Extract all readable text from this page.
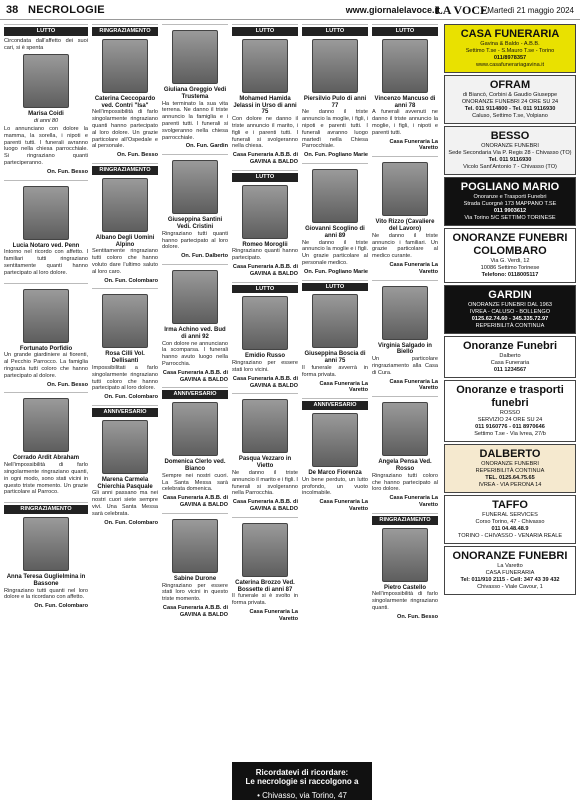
38 NECROLOGIE	www.giornalelavoce.it
LA VOCE
• Martedì 21 maggio 2024
LUTTO

Circondata dall'affetto dei suoi cari, si è spenta

Marisa Coidi
di anni 80

Lo annunciano con dolore la mamma, la sorella, i nipoti e parenti tutti. I funerali avranno luogo nella chiesa parrocchiale. Si ringraziano quanti parteciperanno.

On. Fun. Besso
Lucia Notaro ved. Penn

Intorno nel ricordo con affetto. I familiari tutti ringraziano sentitamente quanti hanno partecipato al loro dolore.

Fortunato Porfidio

Un grande giardiniere ai fiorenti, al Pecchio Parrocco. La famiglia ringrazia tutti coloro che hanno partecipato al dolore.

On. Fun. Besso
Corrado Ardit Abraham

Nell'impossibilità di farlo singolarmente ringraziano quanti, in ogni modo, sono stati vicini in questo triste momento. Un grazie particolare al Parroco.

RINGRAZIAMENTO
Anna Teresa Guglielmina in Bassone

Ringraziano tutti quanti nel loro dolore e la ricordano con affetto.

On. Fun. Colombaro
RINGRAZIAMENTO
Caterina Ceccopardo ved. Contri "Isa"

Nell'impossibilità di farlo singolarmente ringraziano quanti hanno partecipato al loro dolore. Un grazie particolare all'Ospedale e al personale.

On. Fun. Besso
RINGRAZIAMENTO
Albano Degli Uomini Alpino

Sentitamente ringraziano tutti coloro che hanno voluto dare l'ultimo saluto al loro caro.

On. Fun. Colombaro
Rosa Cilli Vol. Dellisanti

Impossibilitati a farlo singolarmente ringraziano tutti coloro che hanno partecipato al loro dolore.

On. Fun. Colombaro
ANNIVERSARIO
Marena Carmela Chierchia Pasquale

Gli anni passano ma nei nostri cuori siete sempre vivi. Una Santa Messa sarà celebrata.

On. Fun. Colombaro
Giuliana Greggio Vedi Trustema

Ha terminato la sua vita terrena. Ne danno il triste annuncio la famiglia e i parenti tutti. I funerali si svolgeranno nella chiesa parrocchiale.

On. Fun. Gardin
Giuseppina Santini Vedi. Cristini

Ringraziano tutti quanti hanno partecipato al loro dolore.

On. Fun. Dalberto
Irma Achino ved. Bud di anni 92

Con dolore ne annunciano la scomparsa. I funerali hanno avuto luogo nella Parrocchia.

Casa Funeraria A.B.B. di GAVINA & BALDO
ANNIVERSARIO
Domenica Clerlo ved. Bianco

Sempre nei nostri cuori. La Santa Messa sarà celebrata domenica.

Casa Funeraria A.B.B. di GAVINA & BALDO
Sabine Durone

Ringraziano per essere stati loro vicini in questo triste momento.

Casa Funeraria A.B.B. di GAVINA & BALDO
LUTTO
Mohamed Hamida Jelassi in Urso di anni 75

Con dolore ne danno il triste annuncio il marito, i figli e i parenti tutti. I funerali si svolgeranno nella chiesa.

Casa Funeraria A.B.B. di GAVINA & BALDO
LUTTO
Romeo Moroglii

Ringraziano quanti hanno partecipato.

Casa Funeraria A.B.B. di GAVINA & BALDO
LUTTO
Emidio Russo

Ringraziano per essere stati loro vicini.

Casa Funeraria A.B.B. di GAVINA & BALDO
Pasqua Vezzaro in Vietto

Ne danno il triste annuncio il marito e i figli. I funerali si svolgeranno nella Parrocchia.

Casa Funeraria A.B.B. di GAVINA & BALDO
Caterina Brozzo Ved. Bossette di anni 87

Il funerale si è svolto in forma privata.

Casa Funeraria La Varetto
LUTTO
Piersilvio Pulo di anni 77

Ne danno il triste annuncio la moglie, i figli, i nipoti e parenti tutti. I funerali avranno luogo martedì nella Chiesa Parrocchiale.

On. Fun. Pogliano Marie
Giovanni Scoglino di anni 89

Ne danno il triste annuncio la moglie e i figli. Un grazie particolare al personale medico.

On. Fun. Pogliano Marie
LUTTO
Giuseppina Boscia di anni 75

Il funerale avverrà in forma privata.

Casa Funeraria La Varetto
ANNIVERSARIO
De Marco Fiorenza

Un bene perduto, un lutto profondo, un vuoto incolmabile.

Casa Funeraria La Varetto
LUTTO
Vincenzo Mancuso di anni 78

A funerali avvenuti ne danno il triste annuncio la moglie, i figli, i nipoti e parenti tutti.

Casa Funeraria La Varetto
Vito Rizzo (Cavaliere del Lavoro)

Ne danno il triste annuncio i familiari. Un grazie particolare al medico curante.

Casa Funeraria La Varetto
Virginia Salgado in Biello

Un particolare ringraziamento alla Casa di Cura.

Casa Funeraria La Varetto
Angela Pensa Ved. Rosso

Ringraziano tutti coloro che hanno partecipato al loro dolore.

Casa Funeraria La Varetto
RINGRAZIAMENTO
Pietro Castello

Nell'impossibilità di farlo singolarmente ringraziano quanti.

On. Fun. Besso
CASA FUNERARIA
Gavina & Baldo - A.B.B.
Settimo T.se - S.Mauro T.se - Torino
011/8978357
www.casafunerariagavina.it
OFRAM
di Biancò, Corbini & Gaudio Giuseppe
ONORANZE FUNEBRI 24 ORE SU 24
Tel. 011 9114800 - Tel. 011 9116930
Caluso, Settimo T.se, Volpiano
BESSO
ONORANZE FUNEBRI
Sede Secondaria Via P. Regis 28 - Chivasso (TO)
Tel. 011 9116930
Vicolo Sant'Antonio 7 - Chivasso (TO)
POGLIANO MARIO
Onoranze e Trasporti Funebri
Strada Cuorgnè 173 MAPPANO T.SE
011 9903612
Via Torino 5/C SETTIMO TORINESE
ONORANZE FUNEBRI COLOMBARO
Via G. Verdi, 12
10086 Settimo Torinese
Telefono: 0118005117
GARDIN
ONORANZE FUNEBRI DAL 1963
IVREA - CALUSO - BOLLENGO
0125.62.74.60 - 345.335.72.97
REPERIBILITÀ CONTINUA
Onoranze Funebri
Dalberto
Casa Funeraria
011 1234567
Onoranze e trasporti funebri
ROSSO
SERVIZIO 24 ORE SU 24
011 9160776 - 011 8970646
Settimo T.se - Via Ivrea, 27/b
DALBERTO
ONORANZE FUNEBRI
REPERIBILITÀ CONTINUA
TEL. 0125.64.75.65
IVREA - VIA PERONA 14
TAFFO
FUNERAL SERVICES
Corso Torino, 47 - Chivasso
011 04.48.48.9
TORINO - CHIVASSO - VENARIA REALE
ONORANZE FUNEBRI
La Varetto
CASA FUNERARIA
Tel: 011/910 2115 - Cell: 347 43 39 432
Chivasso - Viale Cavour, 1
Ricordatevi di ricordare:
Le necrologie si raccolgono a
• Chivasso, via Torino, 47
